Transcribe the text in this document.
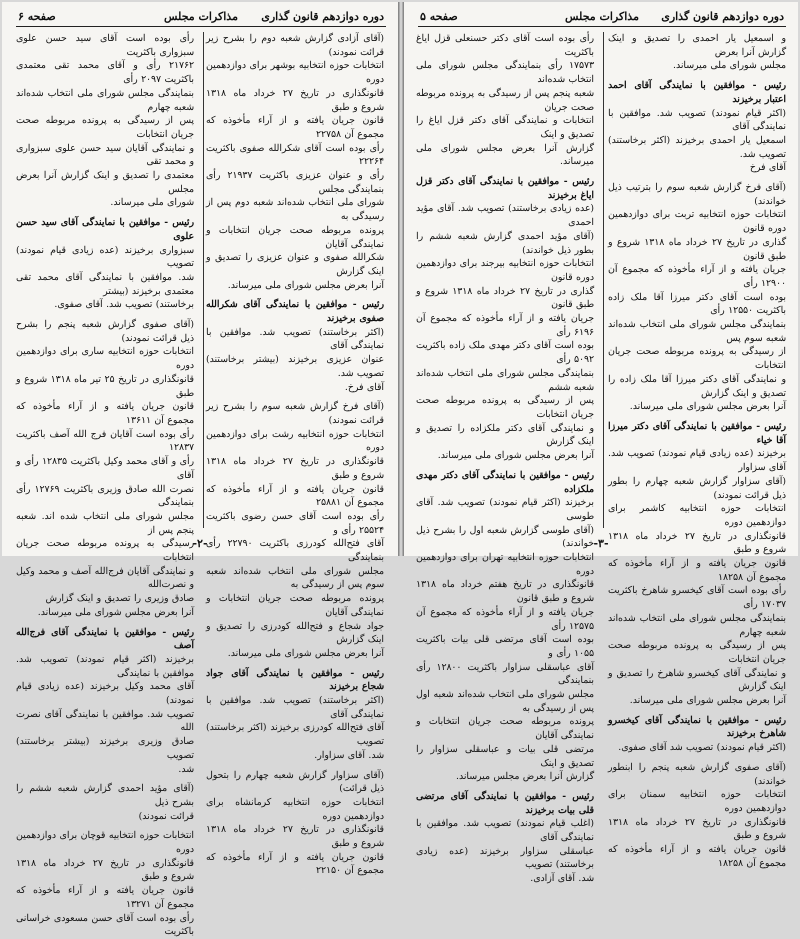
دوره دوازدهم قانون گذاری
مذاکرات مجلس
صفحه ۶

(آقای آزادی گزارش شعبه دوم را بشرح زیر قرائت نمودند)

انتخابات حوزه انتخابیه بوشهر برای دوازدهمین دوره

قانونگذاری در تاریخ ۲۷ خرداد ماه ۱۳۱۸ شروع و طبق

قانون جریان یافته و از آراء مأخوذه که مجموع آن ۲۲۷۵۸

رأی بوده است آقای شکرالله صفوی باکثریت ۲۲۲۶۴

رأی و عنوان عزیزی باکثریت ۲۱۹۳۷ رأی بنمایندگی مجلس

شورای ملی انتخاب شده‌اند شعبه دوم پس از رسیدگی به

پرونده مربوطه صحت جریان انتخابات و نمایندگی آقایان

شکرالله صفوی و عنوان عزیزی را تصدیق و اینک گزارش

آنرا بعرض مجلس شورای ملی میرساند.

رئیس - موافقین با نمایندگی آقای شکرالله صفوی برخیزند

(اکثر برخاستند) تصویب شد. موافقین با نمایندگی آقای

عنوان عزیزی برخیزند (بیشتر برخاستند) تصویب شد.

آقای فرخ.

(آقای فرخ گزارش شعبه سوم را بشرح زیر قرائت نمودند)

انتخابات حوزه انتخابیه رشت برای دوازدهمین دوره

قانونگذاری در تاریخ ۲۷ خرداد ماه ۱۳۱۸ شروع و طبق

قانون جریان یافته و از آراء مأخوذه که مجموع آن ۲۵۸۸۱

رأی بوده است آقای حسن رضوی باکثریت ۲۵۵۲۴ رأی و

آقای فتح‌الله کودرزی باکثریت ۲۲۷۹۰ رأی بنمایندگی

مجلس شورای ملی انتخاب شده‌اند شعبه سوم پس از رسیدگی به

پرونده مربوطه صحت جریان انتخابات و نمایندگی آقایان

جواد شجاع و فتح‌الله کودرزی را تصدیق و اینک گزارش

آنرا بعرض مجلس شورای ملی میرساند.

رئیس - موافقین با نمایندگی آقای جواد شجاع برخیزند

(اکثر برخاستند) تصویب شد. موافقین با نمایندگی آقای

آقای فتح‌الله کودرزی برخیزند (اکثر برخاستند) تصویب

شد. آقای سزاوار.

(آقای سزاوار گزارش شعبه چهارم را بتحول ذیل قرائت)

انتخابات حوزه انتخابیه کرمانشاه برای دوازدهمین دوره

قانونگذاری در تاریخ ۲۷ خرداد ماه ۱۳۱۸ شروع و طبق

قانون جریان یافته و از آراء مأخوذه که مجموع آن ۲۲۱۵۰

رأی بوده است آقای سید حسن علوی سبزواری باکثریت

۲۱۷۶۲ رأی و آقای محمد تقی معتمدی باکثریت ۲۰۹۷ رأی

بنمایندگی مجلس شورای ملی انتخاب شده‌اند شعبه چهارم

پس از رسیدگی به پرونده مربوطه صحت جریان انتخابات

و نمایندگی آقایان سید حسن علوی سبزواری و محمد تقی

معتمدی را تصدیق و اینک گزارش آنرا بعرض مجلس

شورای ملی میرساند.

رئیس - موافقین با نمایندگی آقای سید حسن علوی

سبزواری برخیزند (عده زیادی قیام نمودند) تصویب

شد. موافقین با نمایندگی آقای محمد تقی معتمدی برخیزند (بیشتر

برخاستند) تصویب شد. آقای صفوی.

(آقای صفوی گزارش شعبه پنجم را بشرح ذیل قرائت نمودند)

انتخابات حوزه انتخابیه ساری برای دوازدهمین دوره

قانونگذاری در تاریخ ۲۵ تیر ماه ۱۳۱۸ شروع و طبق

قانون جریان یافته و از آراء مأخوذه که مجموع آن ۱۳۶۱۱

رأی بوده است آقایان فرج الله آصف باکثریت ۱۲۸۳۷

رأی و آقای محمد وکیل باکثریت ۱۲۸۳۵ رأی و آقای

نصرت الله صادق وزیری باکثریت ۱۲۷۶۹ رأی بنمایندگی

مجلس شورای ملی انتخاب شده اند. شعبه پنجم پس از

رسیدگی به پرونده مربوطه صحت جریان انتخابات

و نمایندگی آقایان فرج‌الله آصف و محمد وکیل و نصرت‌الله

صادق وزیری را تصدیق و اینک گزارش

آنرا بعرض مجلس شورای ملی میرساند.

رئیس - موافقین با نمایندگی آقای فرج‌الله آصف

برخیزند (اکثر قیام نمودند) تصویب شد. موافقین با نمایندگی

آقای محمد وکیل برخیزند (عده زیادی قیام نمودند)

تصویب شد. موافقین با نمایندگی آقای نصرت الله

صادق وزیری برخیزند (بیشتر برخاستند) تصویب

شد.

(آقای مؤید احمدی گزارش شعبه ششم را بشرح ذیل

قرائت نمودند)

انتخابات حوزه انتخابیه قوچان برای دوازدهمین دوره

قانونگذاری در تاریخ ۲۷ خرداد ماه ۱۳۱۸ شروع و طبق

قانون جریان یافته و از آراء مأخوذه که مجموع آن ۱۳۲۷۱

رأی بوده است آقای حسن مسعودی خراسانی باکثریت

-۲-
دوره دوازدهم قانون گذاری
مذاکرات مجلس
صفحه ۵

و اسمعیل یار احمدی را تصدیق و اینک گزارش آنرا بعرض

مجلس شورای ملی میرساند.

رئیس - موافقین با نمایندگی آقای احمد اعتبار برخیزند

(اکثر قیام نمودند) تصویب شد. موافقین با نمایندگی آقای

اسمعیل یار احمدی برخیزند (اکثر برخاستند) تصویب شد.

آقای فرخ

(آقای فرخ گزارش شعبه سوم را بترتیب ذیل خواندند)

انتخابات حوزه انتخابیه تربت برای دوازدهمین دوره قانون

گذاری در تاریخ ۲۷ خرداد ماه ۱۳۱۸ شروع و طبق قانون

جریان یافته و از آراء مأخوذه که مجموع آن ۱۲۹۰۰ رأی

بوده است آقای دکتر میرزا آقا ملک زاده باکثریت ۱۲۵۵۰ رأی

بنمایندگی مجلس شورای ملی انتخاب شده‌اند شعبه سوم پس

از رسیدگی به پرونده مربوطه صحت جریان انتخابات

و نمایندگی آقای دکتر میرزا آقا ملک زاده را تصدیق و اینک گزارش

آنرا بعرض مجلس شورای ملی میرساند.

رئیس - موافقین با نمایندگی آقای دکتر میرزا آقا خیاء

برخیزند (عده زیادی قیام نمودند) تصویب شد. آقای سزاوار

(آقای سزاوار گزارش شعبه چهارم را بطور ذیل قرائت نمودند)

انتخابات حوزه انتخابیه کاشمر برای دوازدهمین دوره

قانونگذاری در تاریخ ۲۷ خرداد ماه ۱۳۱۸ شروع و طبق

قانون جریان یافته و از آراء مأخوذه که مجموع آن ۱۸۲۵۸

رأی بوده است آقای کیخسرو شاهرخ باکثریت ۱۷۰۳۷ رأی

بنمایندگی مجلس شورای ملی انتخاب شده‌اند شعبه چهارم

پس از رسیدگی به پرونده مربوطه صحت جریان انتخابات

و نمایندگی آقای کیخسرو شاهرخ را تصدیق و اینک گزارش

آنرا بعرض مجلس شورای ملی میرساند.

رئیس - موافقین با نمایندگی آقای کیخسرو شاهرخ برخیزند

(اکثر قیام نمودند) تصویب شد آقای صفوی.

(آقای صفوی گزارش شعبه پنجم را ابنطور خواندند)

انتخابات حوزه انتخابیه سمنان برای دوازدهمین دوره

قانونگذاری در تاریخ ۲۷ خرداد ماه ۱۳۱۸ شروع و طبق

قانون جریان یافته و از آراء مأخوذه که مجموع آن ۱۸۲۵۸

رأی بوده است آقای دکتر حسنعلی قزل ایاغ باکثریت

۱۷۵۷۳ رأی بنمایندگی مجلس شورای ملی انتخاب شده‌اند

شعبه پنجم پس از رسیدگی به پرونده مربوطه صحت جریان

انتخابات و نمایندگی آقای دکتر قزل ایاغ را تصدیق و اینک

گزارش آنرا بعرض مجلس شورای ملی میرساند.

رئیس - موافقین با نمایندگی آقای دکتر قزل ایاغ برخیزند

(عده زیادی برخاستند) تصویب شد. آقای مؤید احمدی

(آقای مؤید احمدی گزارش شعبه ششم را بطور ذیل خواندند)

انتخابات حوزه انتخابیه بیرجند برای دوازدهمین دوره قانون

گذاری در تاریخ ۲۷ خرداد ماه ۱۳۱۸ شروع و طبق قانون

جریان یافته و از آراء مأخوذه که مجموع آن ۶۱۹۶ رأی

بوده است آقای دکتر مهدی ملک زاده باکثریت ۵۰۹۲ رأی

بنمایندگی مجلس شورای ملی انتخاب شده‌اند شعبه ششم

پس از رسیدگی به پرونده مربوطه صحت جریان انتخابات

و نمایندگی آقای دکتر ملکزاده را تصدیق و اینک گزارش

آنرا بعرض مجلس شورای ملی میرساند.

رئیس - موافقین با نمایندگی آقای دکتر مهدی ملکزاده

برخیزند (اکثر قیام نمودند) تصویب شد. آقای طوسی

(آقای طوسی گزارش شعبه اول را بشرح ذیل خواندند)

انتخابات حوزه انتخابیه تهران برای دوازدهمین دوره

قانونگذاری در تاریخ هفتم خرداد ماه ۱۳۱۸ شروع و طبق قانون

جریان یافته و از آراء مأخوذه که مجموع آن ۱۲۵۷۵ رأی

بوده است آقای مرتضی قلی بیات باکثریت ۱۰۵۵ رأی و

آقای عباسقلی سزاوار باکثریت ۱۲۸۰۰ رأی بنمایندگی

مجلس شورای ملی انتخاب شده‌اند شعبه اول پس از رسیدگی به

پرونده مربوطه صحت جریان انتخابات و نمایندگی آقایان

مرتضی قلی بیات و عباسقلی سزاوار را تصدیق و اینک

گزارش آنرا بعرض مجلس میرساند.

رئیس - موافقین با نمایندگی آقای مرتضی قلی بیات برخیزند

(اغلب قیام نمودند) تصویب شد. موافقین با نمایندگی آقای

عباسقلی سزاوار برخیزند (عده زیادی برخاستند) تصویب

شد. آقای آزادی.

-۳-
